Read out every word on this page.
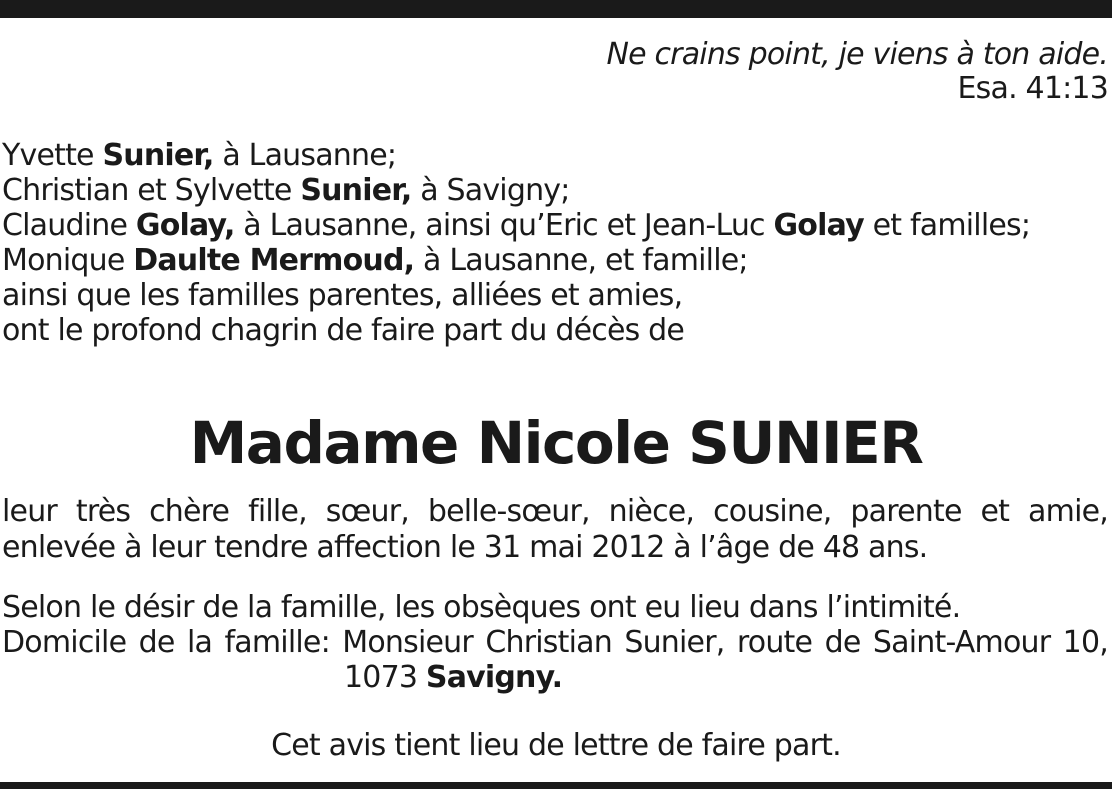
Ne crains point, je viens à ton aide.
Esa. 41:13
Yvette Sunier, à Lausanne;
Christian et Sylvette Sunier, à Savigny;
Claudine Golay, à Lausanne, ainsi qu’Eric et Jean-Luc Golay et familles;
Monique Daulte Mermoud, à Lausanne, et famille;
ainsi que les familles parentes, alliées et amies,
ont le profond chagrin de faire part du décès de
Madame Nicole SUNIER
leur très chère fille, sœur, belle-sœur, nièce, cousine, parente et amie,
enlevée à leur tendre affection le 31 mai 2012 à l’âge de 48 ans.
Selon le désir de la famille, les obsèques ont eu lieu dans l’intimité.
Domicile de la famille: Monsieur Christian Sunier, route de Saint-Amour 10,
1073 Savigny.
Cet avis tient lieu de lettre de faire part.
